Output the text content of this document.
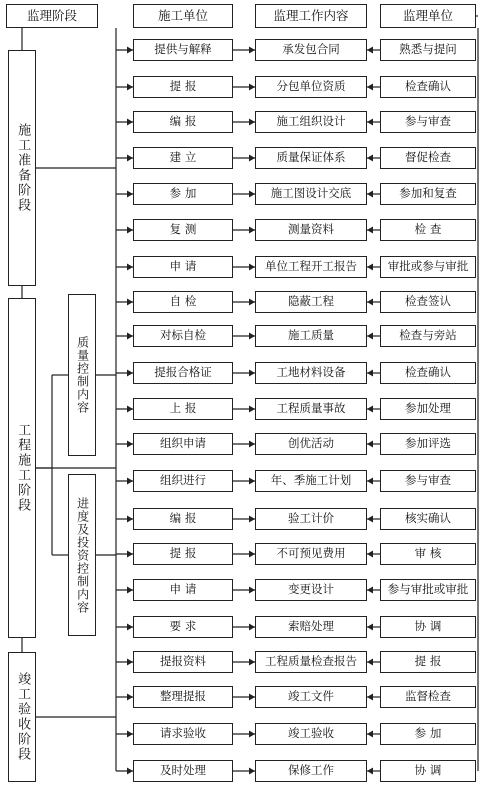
监理阶段	施工单位	监理工作内容	监理单位
施工准备阶段
工程施工阶段
竣工验收阶段
质量控制内容
进度及投资控制内容
提供与解释	承发包合同	熟悉与提问
提 报	分包单位资质	检查确认
编 报	施工组织设计	参与审查
建 立	质量保证体系	督促检查
参 加	施工图设计交底	参加和复查
复 测	测量资料	检 查
申 请	单位工程开工报告	审批或参与审批
自 检	隐蔽工程	检查签认
对标自检	施工质量	检查与旁站
提报合格证	工地材料设备	检查确认
上 报	工程质量事故	参加处理
组织申请	创优活动	参加评选
组织进行	年、季施工计划	参与审查
编 报	验工计价	核实确认
提 报	不可预见费用	审 核
申 请	变更设计	参与审批或审批
要 求	索赔处理	协 调
提报资料	工程质量检查报告	提 报
整理提报	竣工文件	监督检查
请求验收	竣工验收	参 加
及时处理	保修工作	协 调
